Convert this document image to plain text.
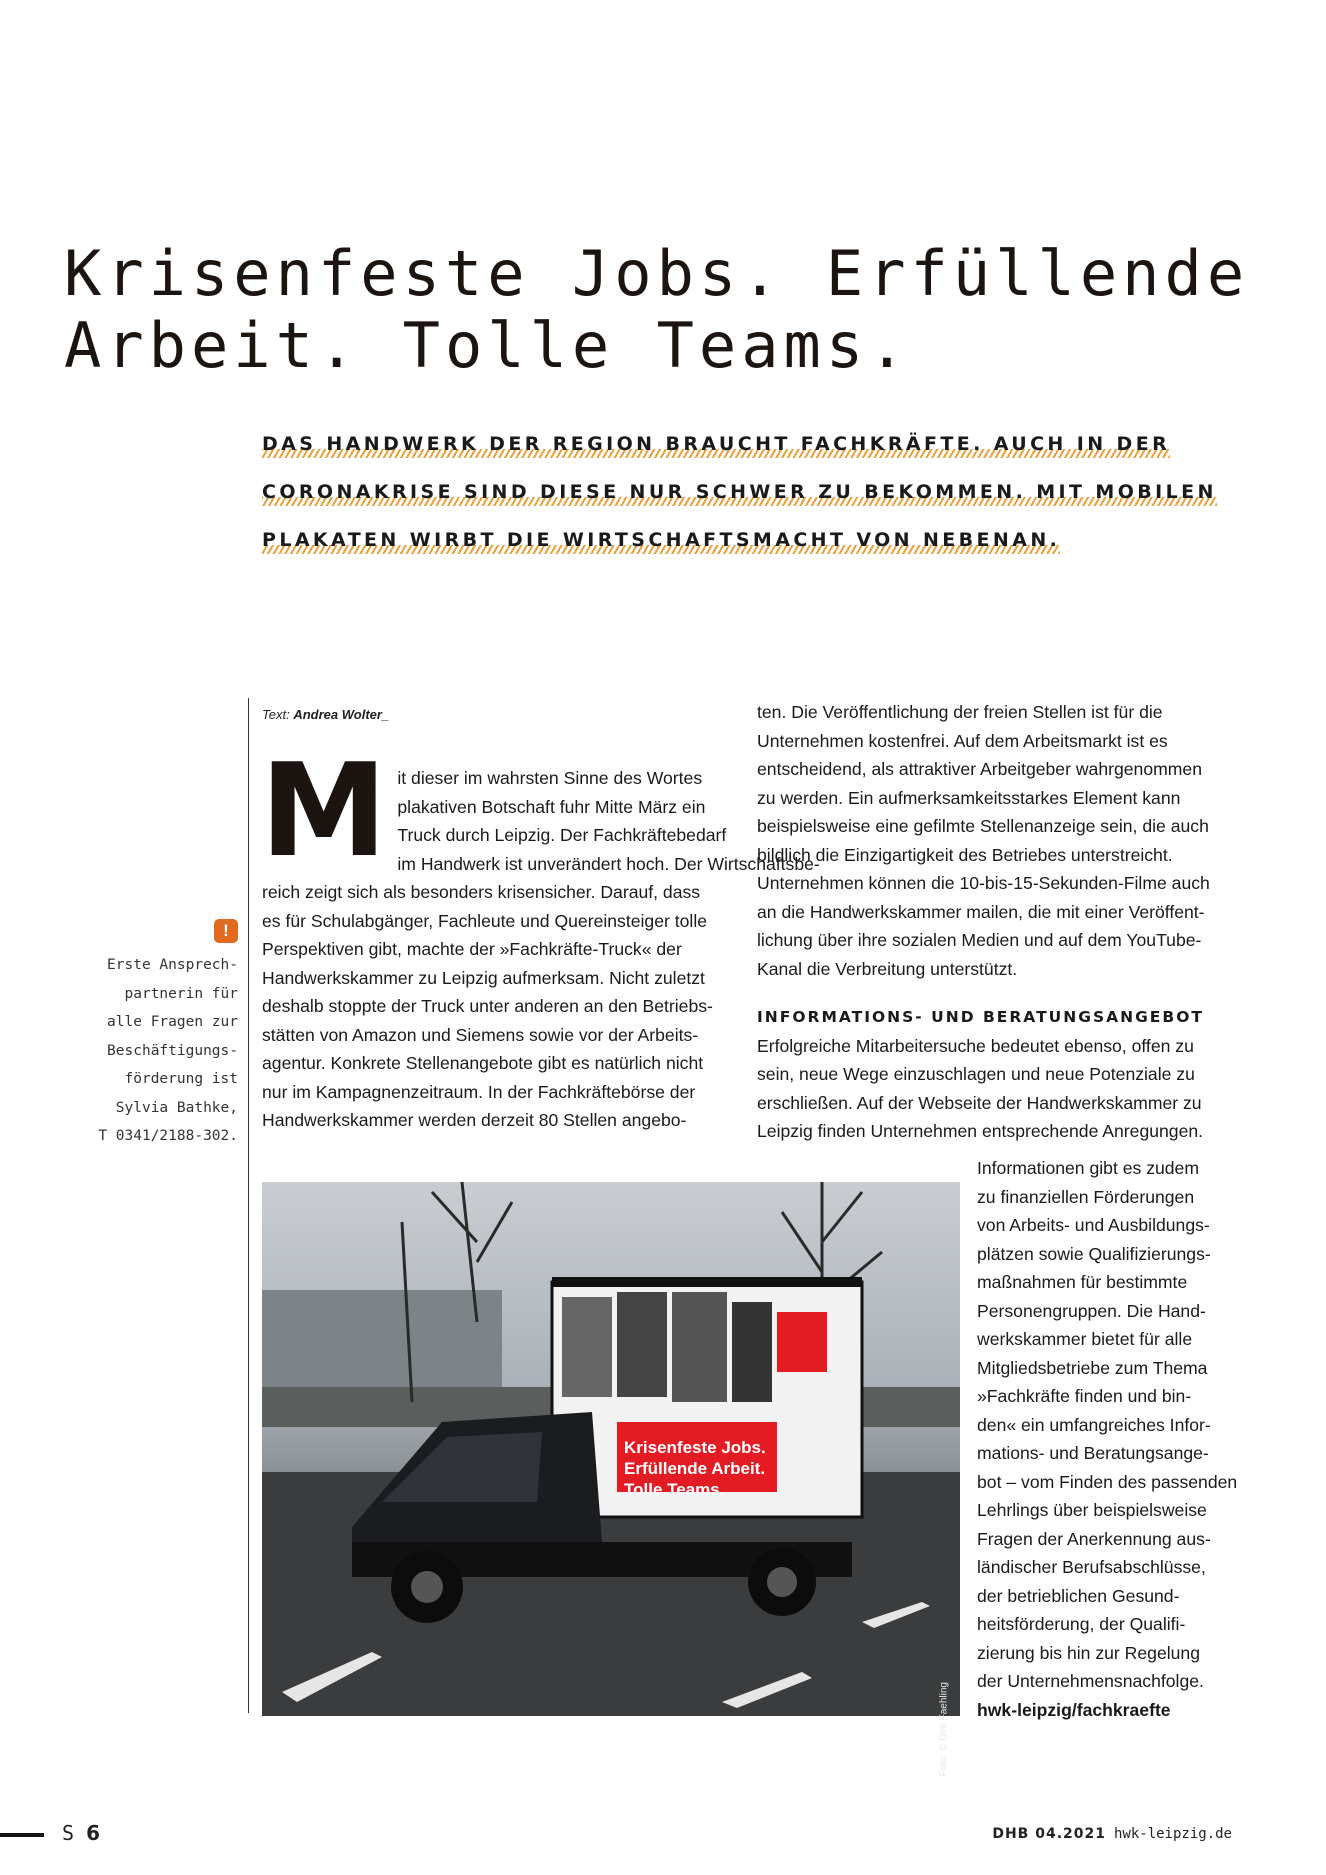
Krisenfeste Jobs. Erfüllende
Arbeit. Tolle Teams.
DAS HANDWERK DER REGION BRAUCHT FACHKRÄFTE. AUCH IN DER
CORONAKRISE SIND DIESE NUR SCHWER ZU BEKOMMEN. MIT MOBILEN
PLAKATEN WIRBT DIE WIRTSCHAFTSMACHT VON NEBENAN.
Text: Andrea Wolter_
!
Erste Ansprech-
partnerin für
alle Fragen zur
Beschäftigungs-
förderung ist
Sylvia Bathke,
T 0341/2188-302.
M it dieser im wahrsten Sinne des Wortes
plakativen Botschaft fuhr Mitte März ein
Truck durch Leipzig. Der Fachkräftebedarf
im Handwerk ist unverändert hoch. Der Wirtschaftsbe-
reich zeigt sich als besonders krisensicher. Darauf, dass
es für Schulabgänger, Fachleute und Quereinsteiger tolle
Perspektiven gibt, machte der »Fachkräfte-Truck« der
Handwerkskammer zu Leipzig aufmerksam. Nicht zuletzt
deshalb stoppte der Truck unter anderen an den Betriebs-
stätten von Amazon und Siemens sowie vor der Arbeits-
agentur. Konkrete Stellenangebote gibt es natürlich nicht
nur im Kampagnenzeitraum. In der Fachkräftebörse der
Handwerkskammer werden derzeit 80 Stellen angebo-
ten. Die Veröffentlichung der freien Stellen ist für die
Unternehmen kostenfrei. Auf dem Arbeitsmarkt ist es
entscheidend, als attraktiver Arbeitgeber wahrgenommen
zu werden. Ein aufmerksamkeitsstarkes Element kann
beispielsweise eine gefilmte Stellenanzeige sein, die auch
bildlich die Einzigartigkeit des Betriebes unterstreicht.
Unternehmen können die 10-bis-15-Sekunden-Filme auch
an die Handwerkskammer mailen, die mit einer Veröffent-
lichung über ihre sozialen Medien und auf dem YouTube-
Kanal die Verbreitung unterstützt.
INFORMATIONS- UND BERATUNGSANGEBOT
Erfolgreiche Mitarbeitersuche bedeutet ebenso, offen zu
sein, neue Wege einzuschlagen und neue Potenziale zu
erschließen. Auf der Webseite der Handwerkskammer zu
Leipzig finden Unternehmen entsprechende Anregungen.
Krisenfeste Jobs.
Erfüllende Arbeit.
Tolle Teams.
Foto: © Dirk Faehling
Informationen gibt es zudem
zu finanziellen Förderungen
von Arbeits- und Ausbildungs-
plätzen sowie Qualifizierungs-
maßnahmen für bestimmte
Personengruppen. Die Hand-
werkskammer bietet für alle
Mitgliedsbetriebe zum Thema
»Fachkräfte finden und bin-
den« ein umfangreiches Infor-
mations- und Beratungsange-
bot – vom Finden des passenden
Lehrlings über beispielsweise
Fragen der Anerkennung aus-
ländischer Berufsabschlüsse,
der betrieblichen Gesund-
heitsförderung, der Qualifi-
zierung bis hin zur Regelung
der Unternehmensnachfolge.
hwk-leipzig/fachkraefte
S 6	DHB 04.2021 hwk-leipzig.de
